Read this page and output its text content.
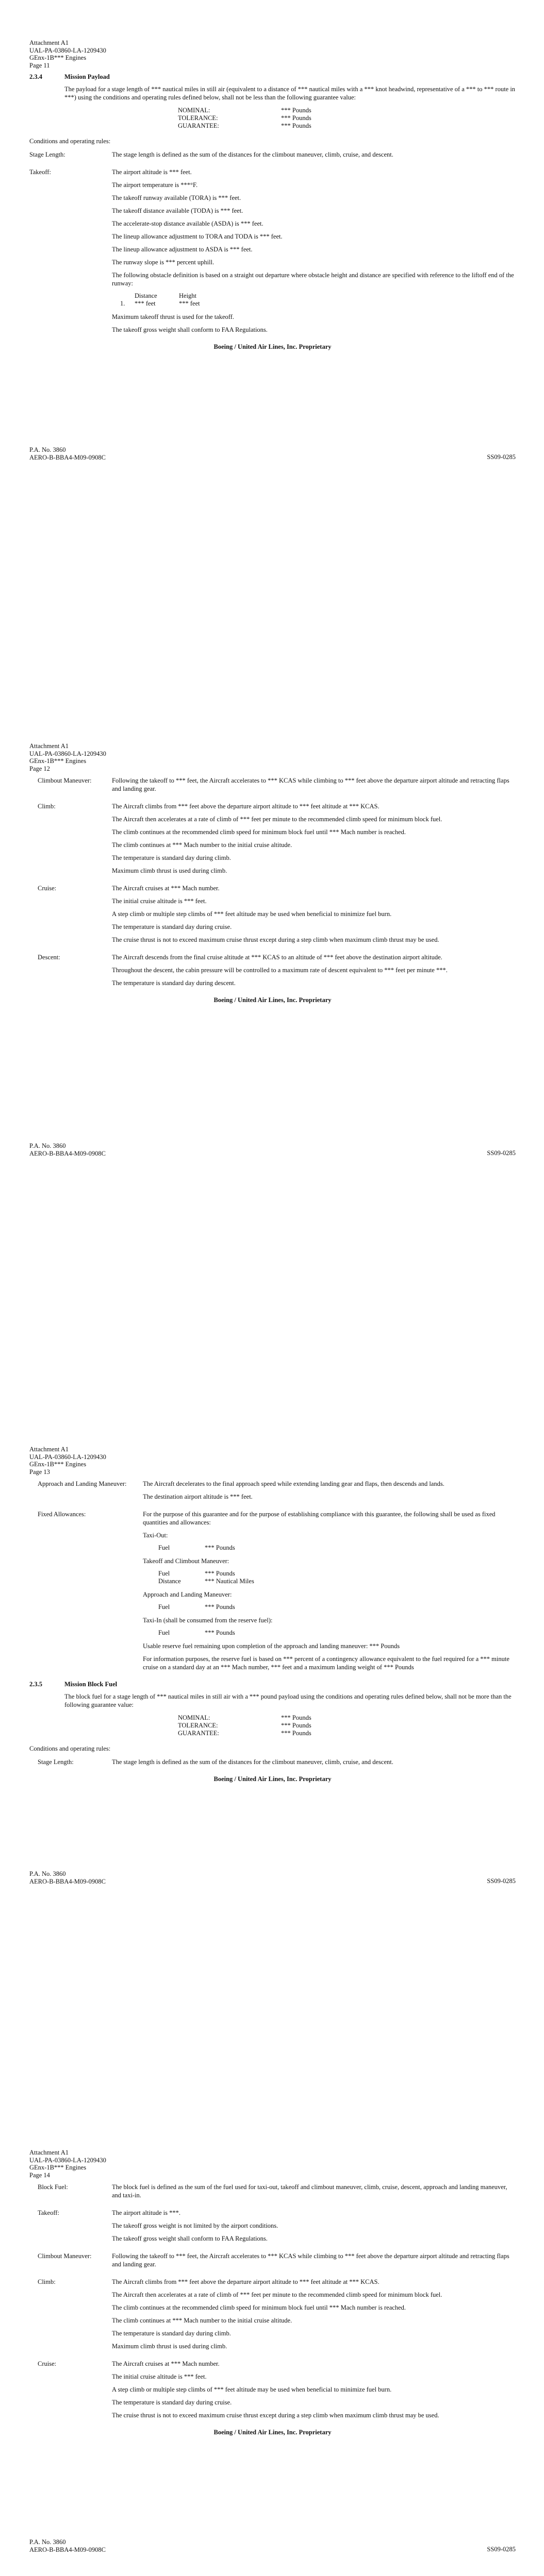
Attachment A1
UAL-PA-03860-LA-1209430
GEnx-1B*** Engines
Page 11
2.3.4	Mission Payload
The payload for a stage length of *** nautical miles in still air (equivalent to a distance of *** nautical miles with a *** knot headwind, representative of a *** to *** route in ***) using the conditions and operating rules defined below, shall not be less than the following guarantee value:
NOMINAL:	*** Pounds
TOLERANCE:	*** Pounds
GUARANTEE:	*** Pounds
Conditions and operating rules:
Stage Length:	The stage length is defined as the sum of the distances for the climbout maneuver, climb, cruise, and descent.

Takeoff:	The airport altitude is *** feet.

The airport temperature is ***°F.

The takeoff runway available (TORA) is *** feet.

The takeoff distance available (TODA) is *** feet.

The accelerate-stop distance available (ASDA) is *** feet.

The lineup allowance adjustment to TORA and TODA is *** feet.

The lineup allowance adjustment to ASDA is *** feet.

The runway slope is *** percent uphill.

The following obstacle definition is based on a straight out departure where obstacle height and distance are specified with reference to the liftoff end of the runway:

Distance	Height
1.	*** feet	*** feet

Maximum takeoff thrust is used for the takeoff.

The takeoff gross weight shall conform to FAA Regulations.

Boeing / United Air Lines, Inc. Proprietary
P.A. No. 3860
AERO-B-BBA4-M09-0908C	SS09-0285
Attachment A1
UAL-PA-03860-LA-1209430
GEnx-1B*** Engines
Page 12
Climbout Maneuver:	Following the takeoff to *** feet, the Aircraft accelerates to *** KCAS while climbing to *** feet above the departure airport altitude and retracting flaps and landing gear.

Climb:	The Aircraft climbs from *** feet above the departure airport altitude to *** feet altitude at *** KCAS.

The Aircraft then accelerates at a rate of climb of *** feet per minute to the recommended climb speed for minimum block fuel.

The climb continues at the recommended climb speed for minimum block fuel until *** Mach number is reached.

The climb continues at *** Mach number to the initial cruise altitude.

The temperature is standard day during climb.

Maximum climb thrust is used during climb.

Cruise:	The Aircraft cruises at *** Mach number.

The initial cruise altitude is *** feet.

A step climb or multiple step climbs of *** feet altitude may be used when beneficial to minimize fuel burn.

The temperature is standard day during cruise.

The cruise thrust is not to exceed maximum cruise thrust except during a step climb when maximum climb thrust may be used.

Descent:	The Aircraft descends from the final cruise altitude at *** KCAS to an altitude of *** feet above the destination airport altitude.

Throughout the descent, the cabin pressure will be controlled to a maximum rate of descent equivalent to *** feet per minute ***.

The temperature is standard day during descent.

Boeing / United Air Lines, Inc. Proprietary
P.A. No. 3860
AERO-B-BBA4-M09-0908C	SS09-0285
Attachment A1
UAL-PA-03860-LA-1209430
GEnx-1B*** Engines
Page 13
Approach and Landing Maneuver:	The Aircraft decelerates to the final approach speed while extending landing gear and flaps, then descends and lands.

The destination airport altitude is *** feet.

Fixed Allowances:	For the purpose of this guarantee and for the purpose of establishing compliance with this guarantee, the following shall be used as fixed quantities and allowances:

Taxi-Out:

Fuel	*** Pounds

Takeoff and Climbout Maneuver:

Fuel	*** Pounds
Distance	*** Nautical Miles

Approach and Landing Maneuver:

Fuel	*** Pounds

Taxi-In (shall be consumed from the reserve fuel):

Fuel	*** Pounds

Usable reserve fuel remaining upon completion of the approach and landing maneuver: *** Pounds

For information purposes, the reserve fuel is based on *** percent of a contingency allowance equivalent to the fuel required for a *** minute cruise on a standard day at an *** Mach number, *** feet and a maximum landing weight of *** Pounds

2.3.5	Mission Block Fuel
The block fuel for a stage length of *** nautical miles in still air with a *** pound payload using the conditions and operating rules defined below, shall not be more than the following guarantee value:
NOMINAL:	*** Pounds
TOLERANCE:	*** Pounds
GUARANTEE:	*** Pounds
Conditions and operating rules:
Stage Length:	The stage length is defined as the sum of the distances for the climbout maneuver, climb, cruise, and descent.

Boeing / United Air Lines, Inc. Proprietary
P.A. No. 3860
AERO-B-BBA4-M09-0908C	SS09-0285
Attachment A1
UAL-PA-03860-LA-1209430
GEnx-1B*** Engines
Page 14
Block Fuel:	The block fuel is defined as the sum of the fuel used for taxi-out, takeoff and climbout maneuver, climb, cruise, descent, approach and landing maneuver, and taxi-in.

Takeoff:	The airport altitude is ***.

The takeoff gross weight is not limited by the airport conditions.

The takeoff gross weight shall conform to FAA Regulations.

Climbout Maneuver:	Following the takeoff to *** feet, the Aircraft accelerates to *** KCAS while climbing to *** feet above the departure airport altitude and retracting flaps and landing gear.

Climb:	The Aircraft climbs from *** feet above the departure airport altitude to *** feet altitude at *** KCAS.

The Aircraft then accelerates at a rate of climb of *** feet per minute to the recommended climb speed for minimum block fuel.

The climb continues at the recommended climb speed for minimum block fuel until *** Mach number is reached.

The climb continues at *** Mach number to the initial cruise altitude.

The temperature is standard day during climb.

Maximum climb thrust is used during climb.

Cruise:	The Aircraft cruises at *** Mach number.

The initial cruise altitude is *** feet.

A step climb or multiple step climbs of *** feet altitude may be used when beneficial to minimize fuel burn.

The temperature is standard day during cruise.

The cruise thrust is not to exceed maximum cruise thrust except during a step climb when maximum climb thrust may be used.

Boeing / United Air Lines, Inc. Proprietary
P.A. No. 3860
AERO-B-BBA4-M09-0908C	SS09-0285
